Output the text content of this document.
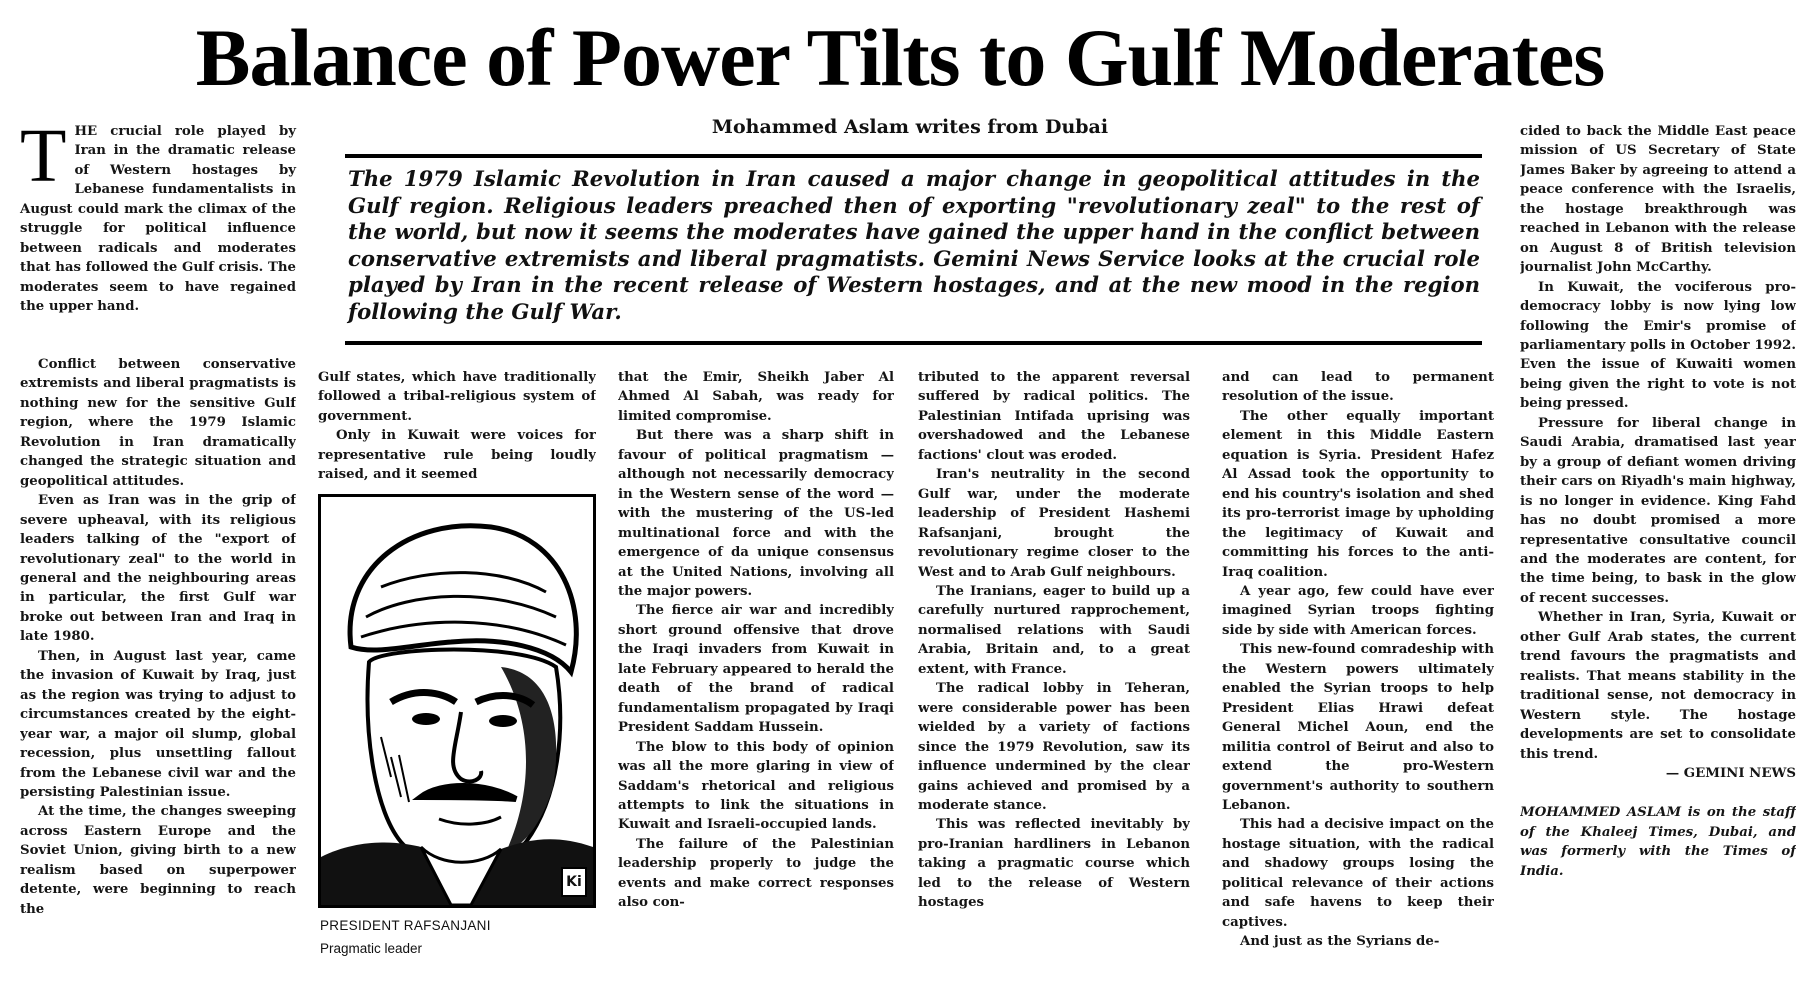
Balance of Power Tilts to Gulf Moderates

T HE crucial role played by Iran in the dramatic release of Western hostages by Lebanese fundamentalists in August could mark the climax of the struggle for political influence between radicals and moderates that has followed the Gulf crisis. The moderates seem to have regained the upper hand.

Mohammed Aslam writes from Dubai
The 1979 Islamic Revolution in Iran caused a major change in geopolitical attitudes in the Gulf region. Religious leaders preached then of exporting "revolutionary zeal" to the rest of the world, but now it seems the moderates have gained the upper hand in the conflict between conservative extremists and liberal pragmatists. Gemini News Service looks at the crucial role played by Iran in the recent release of Western hostages, and at the new mood in the region following the Gulf War.

Conflict between conservative extremists and liberal pragmatists is nothing new for the sensitive Gulf region, where the 1979 Islamic Revolution in Iran dramatically changed the strategic situation and geopolitical attitudes.

Even as Iran was in the grip of severe upheaval, with its religious leaders talking of the "export of revolutionary zeal" to the world in general and the neighbouring areas in particular, the first Gulf war broke out between Iran and Iraq in late 1980.

Then, in August last year, came the invasion of Kuwait by Iraq, just as the region was trying to adjust to circumstances created by the eight-year war, a major oil slump, global recession, plus unsettling fallout from the Lebanese civil war and the persisting Palestinian issue.

At the time, the changes sweeping across Eastern Europe and the Soviet Union, giving birth to a new realism based on superpower detente, were beginning to reach the

Gulf states, which have traditionally followed a tribal-religious system of government.

Only in Kuwait were voices for representative rule being loudly raised, and it seemed

Ki
PRESIDENT RAFSANJANI
Pragmatic leader

that the Emir, Sheikh Jaber Al Ahmed Al Sabah, was ready for limited compromise.

But there was a sharp shift in favour of political pragmatism — although not necessarily democracy in the Western sense of the word — with the mustering of the US-led multinational force and with the emergence of da unique consensus at the United Nations, involving all the major powers.

The fierce air war and incredibly short ground offensive that drove the Iraqi invaders from Kuwait in late February appeared to herald the death of the brand of radical fundamentalism propagated by Iraqi President Saddam Hussein.

The blow to this body of opinion was all the more glaring in view of Saddam's rhetorical and religious attempts to link the situations in Kuwait and Israeli-occupied lands.

The failure of the Palestinian leadership properly to judge the events and make correct responses also con-

tributed to the apparent reversal suffered by radical politics. The Palestinian Intifada uprising was overshadowed and the Lebanese factions' clout was eroded.

Iran's neutrality in the second Gulf war, under the moderate leadership of President Hashemi Rafsanjani, brought the revolutionary regime closer to the West and to Arab Gulf neighbours.

The Iranians, eager to build up a carefully nurtured rapprochement, normalised relations with Saudi Arabia, Britain and, to a great extent, with France.

The radical lobby in Teheran, were considerable power has been wielded by a variety of factions since the 1979 Revolution, saw its influence undermined by the clear gains achieved and promised by a moderate stance.

This was reflected inevitably by pro-Iranian hardliners in Lebanon taking a pragmatic course which led to the release of Western hostages

and can lead to permanent resolution of the issue.

The other equally important element in this Middle Eastern equation is Syria. President Hafez Al Assad took the opportunity to end his country's isolation and shed its pro-terrorist image by upholding the legitimacy of Kuwait and committing his forces to the anti-Iraq coalition.

A year ago, few could have ever imagined Syrian troops fighting side by side with American forces.

This new-found comradeship with the Western powers ultimately enabled the Syrian troops to help President Elias Hrawi defeat General Michel Aoun, end the militia control of Beirut and also to extend the pro-Western government's authority to southern Lebanon.

This had a decisive impact on the hostage situation, with the radical and shadowy groups losing the political relevance of their actions and safe havens to keep their captives.

And just as the Syrians de-

cided to back the Middle East peace mission of US Secretary of State James Baker by agreeing to attend a peace conference with the Israelis, the hostage breakthrough was reached in Lebanon with the release on August 8 of British television journalist John McCarthy.

In Kuwait, the vociferous pro-democracy lobby is now lying low following the Emir's promise of parliamentary polls in October 1992. Even the issue of Kuwaiti women being given the right to vote is not being pressed.

Pressure for liberal change in Saudi Arabia, dramatised last year by a group of defiant women driving their cars on Riyadh's main highway, is no longer in evidence. King Fahd has no doubt promised a more representative consultative council and the moderates are content, for the time being, to bask in the glow of recent successes.

Whether in Iran, Syria, Kuwait or other Gulf Arab states, the current trend favours the pragmatists and realists. That means stability in the traditional sense, not democracy in Western style. The hostage developments are set to consolidate this trend.

— GEMINI NEWS

MOHAMMED ASLAM is on the staff of the Khaleej Times, Dubai, and was formerly with the Times of India.
